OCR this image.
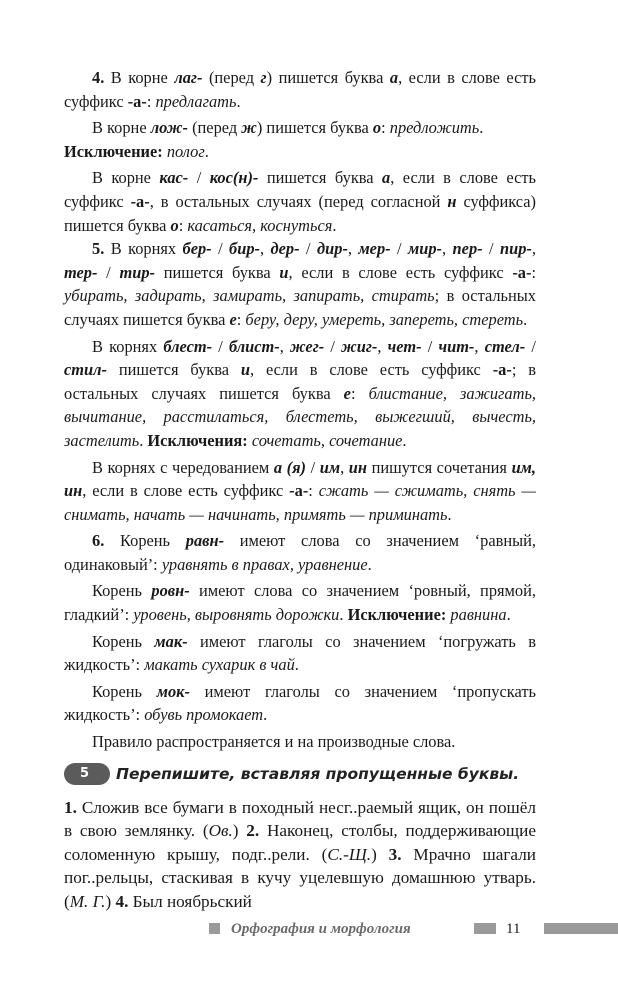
4. В корне лаг- (перед г) пишется буква а, если в слове есть суффикс -а-: предлагать.

В корне лож- (перед ж) пишется буква о: предложить.

Исключение: полог.

В корне кас- / кос(н)- пишется буква а, если в слове есть суффикс -а-, в остальных случаях (перед согласной н суффикса) пишется буква о: касаться, коснуться.

5. В корнях бер- / бир-, дер- / дир-, мер- / мир-, пер- / пир-, тер- / тир- пишется буква и, если в слове есть суффикс -а-: убирать, задирать, замирать, запирать, стирать; в остальных случаях пишется буква е: беру, деру, умереть, запереть, стереть.

В корнях блест- / блист-, жег- / жиг-, чет- / чит-, стел- / стил- пишется буква и, если в слове есть суффикс -а-; в остальных случаях пишется буква е: блистание, зажигать, вычитание, расстилаться, блестеть, выжегший, вычесть, застелить. Исключения: сочетать, сочетание.

В корнях с чередованием а (я) / им, ин пишутся сочетания им, ин, если в слове есть суффикс -а-: сжать — сжимать, снять — снимать, начать — начинать, примять — приминать.

6. Корень равн- имеют слова со значением ‘равный, одинаковый’: уравнять в правах, уравнение.

Корень ровн- имеют слова со значением ‘ровный, прямой, гладкий’: уровень, выровнять дорожки. Исключение: равнина.

Корень мак- имеют глаголы со значением ‘погружать в жидкость’: макать сухарик в чай.

Корень мок- имеют глаголы со значением ‘пропускать жидкость’: обувь промокает.

Правило распространяется и на производные слова.

5 Перепишите, вставляя пропущенные буквы.

1. Сложив все бумаги в походный несг..раемый ящик, он пошёл в свою землянку. (Ов.) 2. Наконец, столбы, поддерживающие соломенную крышу, подг..рели. (С.-Щ.) 3. Мрачно шагали пог..рельцы, стаскивая в кучу уцелевшую домашнюю утварь. (М. Г.) 4. Был ноябрьский

Орфография и морфология	11
